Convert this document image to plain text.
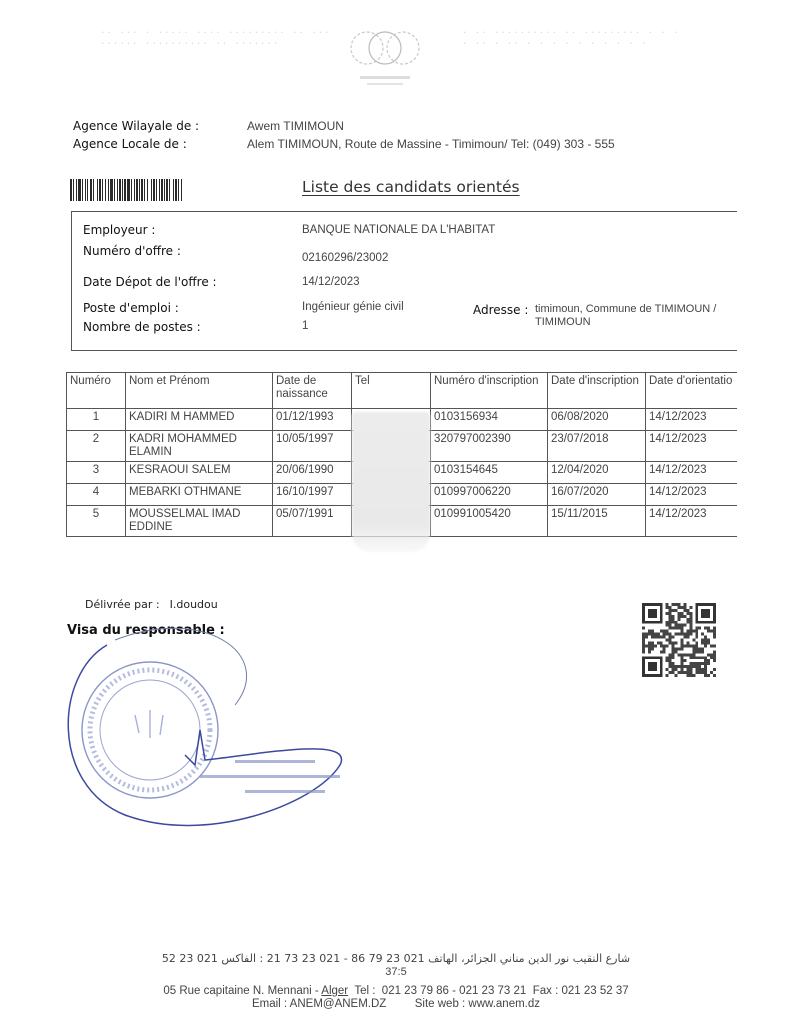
·· ··· · ····· ···· ········· ·· ···
······ ·········· ·· ·······
· ·· ·········· ·· ········· · · ·
· ·· · ·· · · · · · · · · · ·
Agence Wilayale de :	Awem TIMIMOUN
Agence Locale de :	Alem TIMIMOUN, Route de Massine - Timimoun/ Tel: (049) 303 - 555
Liste des candidats orientés
Employeur :	BANQUE NATIONALE DA L'HABITAT
Numéro d'offre :	02160296/23002
Date Dépot de l'offre :	14/12/2023
Poste d'emploi :	Ingénieur génie civil
Nombre de postes :	1
Adresse : timimoun, Commune de TIMIMOUN / TIMIMOUN
Numéro	Nom et Prénom	Date de naissance	Tel	Numéro d'inscription	Date d'inscription	Date d'orientatio
1	KADIRI M HAMMED	01/12/1993		0103156934	06/08/2020	14/12/2023
2	KADRI MOHAMMED ELAMIN	10/05/1997		320797002390	23/07/2018	14/12/2023
3	KESRAOUI SALEM	20/06/1990		0103154645	12/04/2020	14/12/2023
4	MEBARKI OTHMANE	16/10/1997		010997006220	16/07/2020	14/12/2023
5	MOUSSELMAL IMAD EDDINE	05/07/1991		010991005420	15/11/2015	14/12/2023
Délivrée par : I.doudou
Visa du responsable :
شارع النقيب نور الدين مناني الجزائر، الهاتف 021 23 79 86 - 021 23 73 21 : الفاكس 021 23 52
37:5
05 Rue capitaine N. Mennani - Alger  Tel :  021 23 79 86 - 021 23 73 21  Fax : 021 23 52 37
Email : ANEM@ANEM.DZ Site web : www.anem.dz
